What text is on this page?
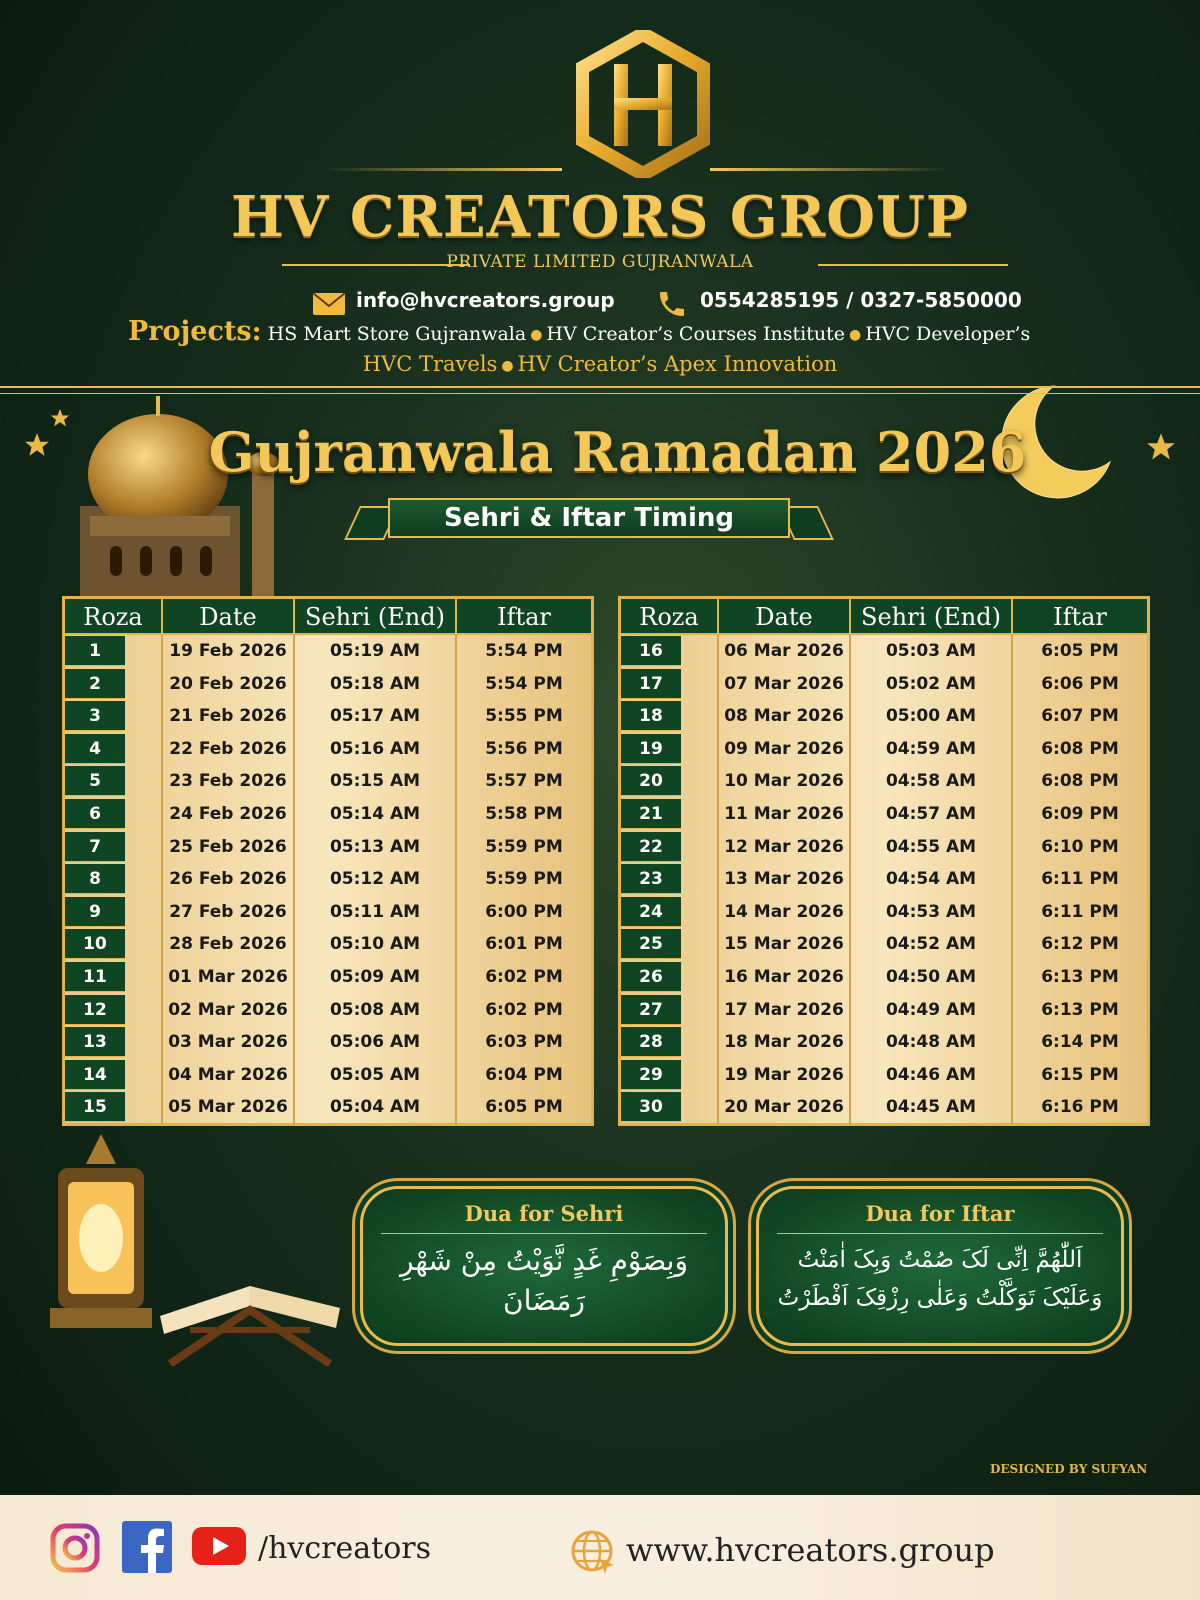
HV CREATORS GROUP
PRIVATE LIMITED GUJRANWALA
info@hvcreators.group	0554285195 / 0327-5850000
Projects: HS Mart Store Gujranwala ● HV Creator’s Courses Institute ● HVC Developer’s
HVC Travels ● HV Creator’s Apex Innovation
Gujranwala Ramadan 2026
Sehri & Iftar Timing
Roza	Date	Sehri (End)	Iftar
1	19 Feb 2026	05:19 AM	5:54 PM
2	20 Feb 2026	05:18 AM	5:54 PM
3	21 Feb 2026	05:17 AM	5:55 PM
4	22 Feb 2026	05:16 AM	5:56 PM
5	23 Feb 2026	05:15 AM	5:57 PM
6	24 Feb 2026	05:14 AM	5:58 PM
7	25 Feb 2026	05:13 AM	5:59 PM
8	26 Feb 2026	05:12 AM	5:59 PM
9	27 Feb 2026	05:11 AM	6:00 PM
10	28 Feb 2026	05:10 AM	6:01 PM
11	01 Mar 2026	05:09 AM	6:02 PM
12	02 Mar 2026	05:08 AM	6:02 PM
13	03 Mar 2026	05:06 AM	6:03 PM
14	04 Mar 2026	05:05 AM	6:04 PM
15	05 Mar 2026	05:04 AM	6:05 PM
Roza	Date	Sehri (End)	Iftar
16	06 Mar 2026	05:03 AM	6:05 PM
17	07 Mar 2026	05:02 AM	6:06 PM
18	08 Mar 2026	05:00 AM	6:07 PM
19	09 Mar 2026	04:59 AM	6:08 PM
20	10 Mar 2026	04:58 AM	6:08 PM
21	11 Mar 2026	04:57 AM	6:09 PM
22	12 Mar 2026	04:55 AM	6:10 PM
23	13 Mar 2026	04:54 AM	6:11 PM
24	14 Mar 2026	04:53 AM	6:11 PM
25	15 Mar 2026	04:52 AM	6:12 PM
26	16 Mar 2026	04:50 AM	6:13 PM
27	17 Mar 2026	04:49 AM	6:13 PM
28	18 Mar 2026	04:48 AM	6:14 PM
29	19 Mar 2026	04:46 AM	6:15 PM
30	20 Mar 2026	04:45 AM	6:16 PM
Dua for Sehri
وَبِصَوْمِ غَدٍ نَّوَيْتُ مِنْ شَهْرِ رَمَضَانَ
Dua for Iftar
اَللّٰهُمَّ اِنِّى لَکَ صُمْتُ وَبِکَ اٰمَنْتُ وَعَلَيْکَ تَوَکَّلْتُ وَعَلٰى رِزْقِکَ اَفْطَرْتُ
DESIGNED BY SUFYAN
/hvcreators	www.hvcreators.group
